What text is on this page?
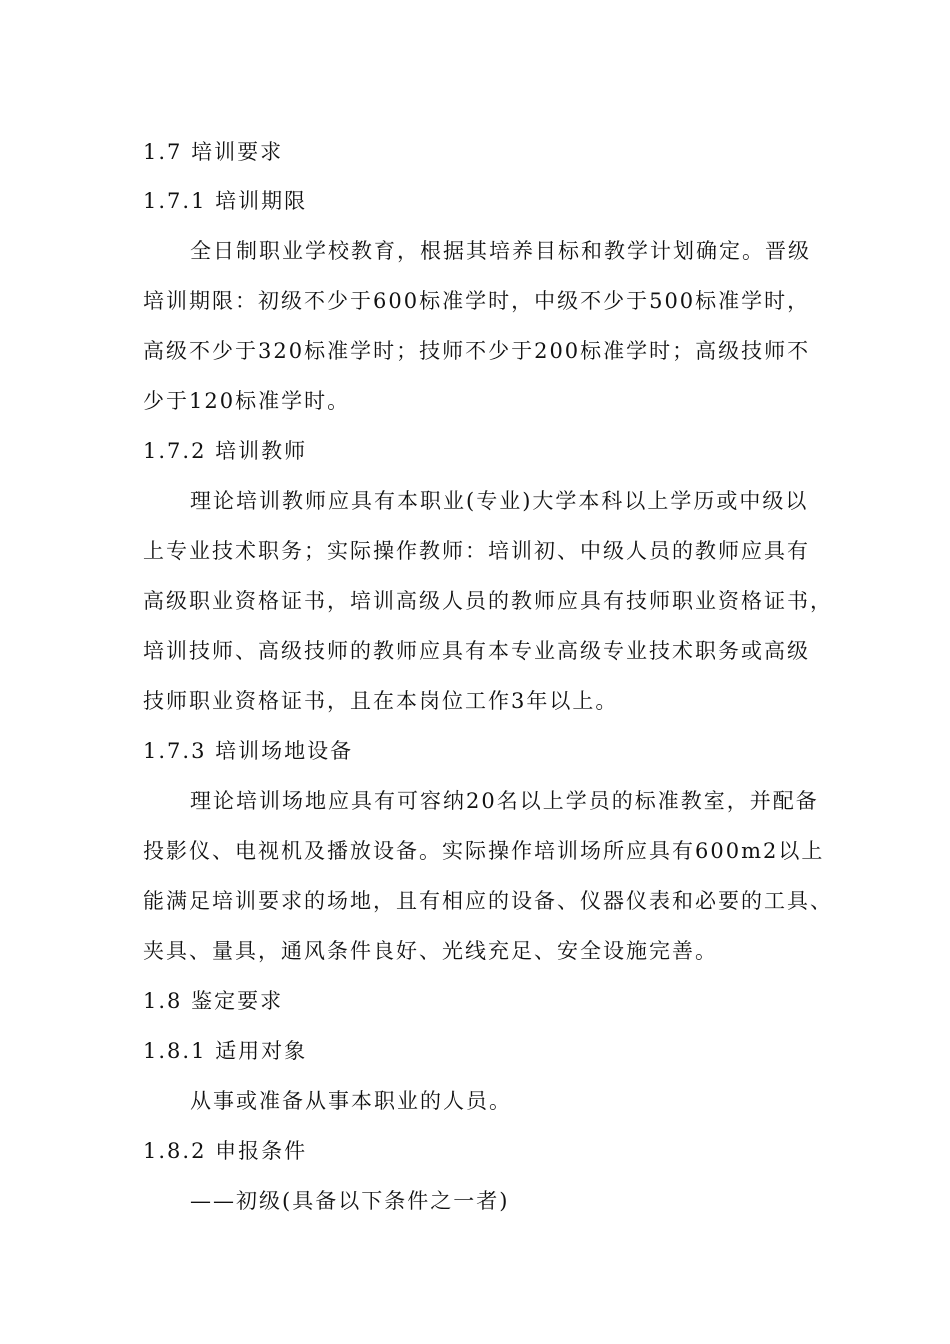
1.7 培训要求
1.7.1 培训期限
全日制职业学校教育，根据其培养目标和教学计划确定。晋级
培训期限：初级不少于600标准学时，中级不少于500标准学时，
高级不少于320标准学时；技师不少于200标准学时；高级技师不
少于120标准学时。
1.7.2 培训教师
理论培训教师应具有本职业(专业)大学本科以上学历或中级以
上专业技术职务；实际操作教师：培训初、中级人员的教师应具有
高级职业资格证书，培训高级人员的教师应具有技师职业资格证书，
培训技师、高级技师的教师应具有本专业高级专业技术职务或高级
技师职业资格证书，且在本岗位工作3年以上。
1.7.3 培训场地设备
理论培训场地应具有可容纳20名以上学员的标准教室，并配备
投影仪、电视机及播放设备。实际操作培训场所应具有600m2以上
能满足培训要求的场地，且有相应的设备、仪器仪表和必要的工具、
夹具、量具，通风条件良好、光线充足、安全设施完善。
1.8 鉴定要求
1.8.1 适用对象
从事或准备从事本职业的人员。
1.8.2 申报条件
——初级(具备以下条件之一者)
